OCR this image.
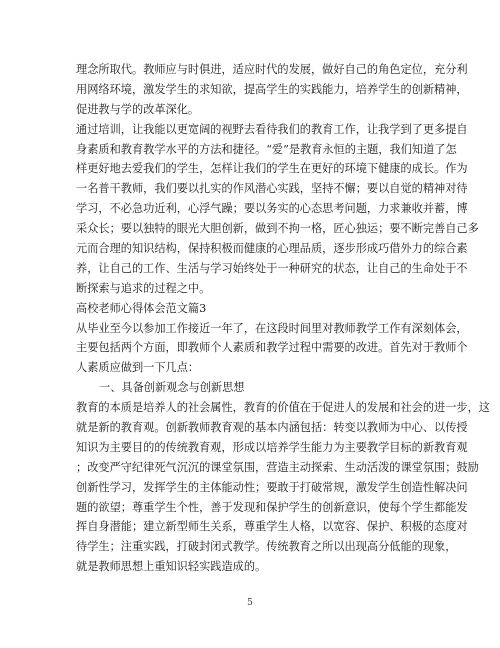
理念所取代。教师应与时俱进，适应时代的发展，做好自己的角色定位，充分利
用网络环境，激发学生的求知欲，提高学生的实践能力，培养学生的创新精神，
促进教与学的改革深化。
通过培训，让我能以更宽阔的视野去看待我们的教育工作，让我学到了更多提自
身素质和教育教学水平的方法和捷径。“爱”是教育永恒的主题，我们知道了怎
样更好地去爱我们的学生，怎样让我们的学生在更好的环境下健康的成长。作为
一名普干教师，我们要以扎实的作风潜心实践，坚持不懈；要以自觉的精神对待
学习，不必急功近利，心浮气躁；要以务实的心态思考问题，力求兼收并蓄，博
采众长；要以独特的眼光大胆创新，做到不拘一格，匠心独运；要不断完善自己多
元而合理的知识结构，保持积极而健康的心理品质，逐步形成巧借外力的综合素
养，让自己的工作、生活与学习始终处于一种研究的状态，让自己的生命处于不
断探索与追求的过程之中。
高校老师心得体会范文篇3
从毕业至今以参加工作接近一年了，在这段时间里对教师教学工作有深刻体会，
主要包括两个方面，即教师个人素质和教学过程中需要的改进。首先对于教师个
人素质应做到一下几点：
一、具备创新观念与创新思想
教育的本质是培养人的社会属性，教育的价值在于促进人的发展和社会的进一步，这
就是新的教育观。创新教师教育观的基本内涵包括：转变以教师为中心、以传授
知识为主要目的的传统教育观，形成以培养学生能力为主要教学目标的新教育观
；改变严守纪律死气沉沉的课堂氛围，营造主动探索、生动活泼的课堂氛围；鼓励
创新性学习，发挥学生的主体能动性；要敢于打破常规，激发学生创造性解决问
题的欲望；尊重学生个性，善于发现和保护学生的创新意识，使每个学生都能发
挥自身潜能；建立新型师生关系，尊重学生人格，以宽容、保护、积极的态度对
待学生；注重实践，打破封闭式教学。传统教育之所以出现高分低能的现象，
就是教师思想上重知识轻实践造成的。
5
